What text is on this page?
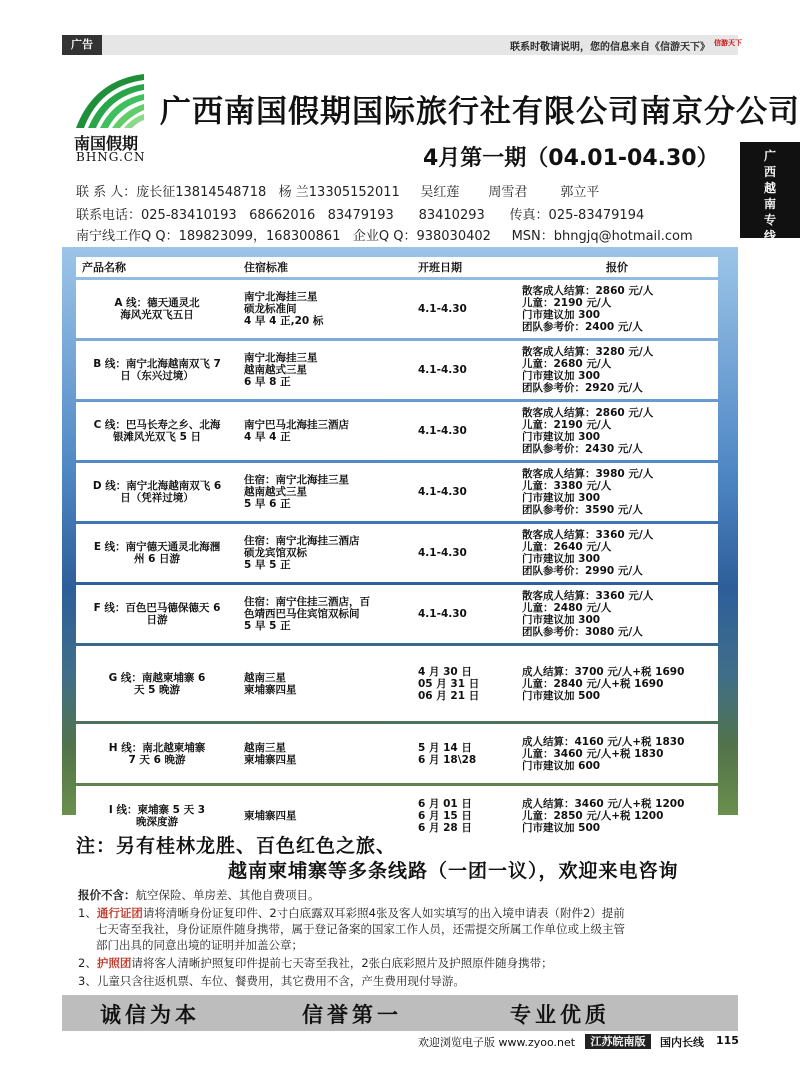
广告	联系时敬请说明，您的信息来自《信游天下》 信游天下
南国假期
BHNG.CN
广西南国假期国际旅行社有限公司南京分公司
4月第一期（04.01-04.30）	广
西
越
南
专
线
联 系 人：庞长征13814548718   杨 兰13305152011     吴红莲       周雪君        郭立平
联系电话：025-83410193   68662016   83479193      83410293      传真：025-83479194
南宁线工作Q Q：189823099，168300861   企业Q Q：938030402     MSN：bhngjq@hotmail.com
产品名称	住宿标准	开班日期	报价

A 线：德天通灵北
海风光双飞五日	南宁北海挂三星
硕龙标准间
4 早 4 正,20 标	4.1-4.30	散客成人结算：2860 元/人
儿童：2190 元/人
门市建议加 300
团队参考价：2400 元/人

B 线：南宁北海越南双飞 7
日（东兴过境）	南宁北海挂三星
越南越式三星
6 早 8 正	4.1-4.30	散客成人结算：3280 元/人
儿童：2680 元/人
门市建议加 300
团队参考价：2920 元/人

C 线：巴马长寿之乡、北海
银滩风光双飞 5 日	南宁巴马北海挂三酒店
4 早 4 正	4.1-4.30	散客成人结算：2860 元/人
儿童：2190 元/人
门市建议加 300
团队参考价：2430 元/人

D 线：南宁北海越南双飞 6
日（凭祥过境）	住宿：南宁北海挂三星
越南越式三星
5 早 6 正	4.1-4.30	散客成人结算：3980 元/人
儿童：3380 元/人
门市建议加 300
团队参考价：3590 元/人

E 线：南宁德天通灵北海涠
州 6 日游	住宿：南宁北海挂三酒店
硕龙宾馆双标
5 早 5 正	4.1-4.30	散客成人结算：3360 元/人
儿童：2640 元/人
门市建议加 300
团队参考价：2990 元/人

F 线：百色巴马德保德天 6
日游	住宿：南宁住挂三酒店，百
色靖西巴马住宾馆双标间
5 早 5 正	4.1-4.30	散客成人结算：3360 元/人
儿童：2480 元/人
门市建议加 300
团队参考价：3080 元/人

G 线：南越柬埔寨 6
天 5 晚游	越南三星
柬埔寨四星	4 月 30 日
05 月 31 日
06 月 21 日	成人结算：3700 元/人+税 1690
儿童：2840 元/人+税 1690
门市建议加 500

H 线：南北越柬埔寨
7 天 6 晚游	越南三星
柬埔寨四星	5 月 14 日
6 月 18\28	成人结算：4160 元/人+税 1830
儿童：3460 元/人+税 1830
门市建议加 600

I 线：柬埔寨 5 天 3
晚深度游	柬埔寨四星	6 月 01 日
6 月 15 日
6 月 28 日	成人结算：3460 元/人+税 1200
儿童：2850 元/人+税 1200
门市建议加 500
注：另有桂林龙胜、百色红色之旅、
越南柬埔寨等多条线路（一团一议），欢迎来电咨询
报价不含：航空保险、单房差、其他自费项目。
1、通行证团请将清晰身份证复印件、2寸白底露双耳彩照4张及客人如实填写的出入境申请表（附件2）提前
七天寄至我社，身份证原件随身携带，属于登记备案的国家工作人员，还需提交所属工作单位或上级主管
部门出具的同意出境的证明并加盖公章；
2、护照团请将客人清晰护照复印件提前七天寄至我社，2张白底彩照片及护照原件随身携带；
3、儿童只含往返机票、车位、餐费用，其它费用不含，产生费用现付导游。
诚信为本	信誉第一	专业优质
欢迎浏览电子版 www.zyoo.net	江苏皖南版	国内长线 115
